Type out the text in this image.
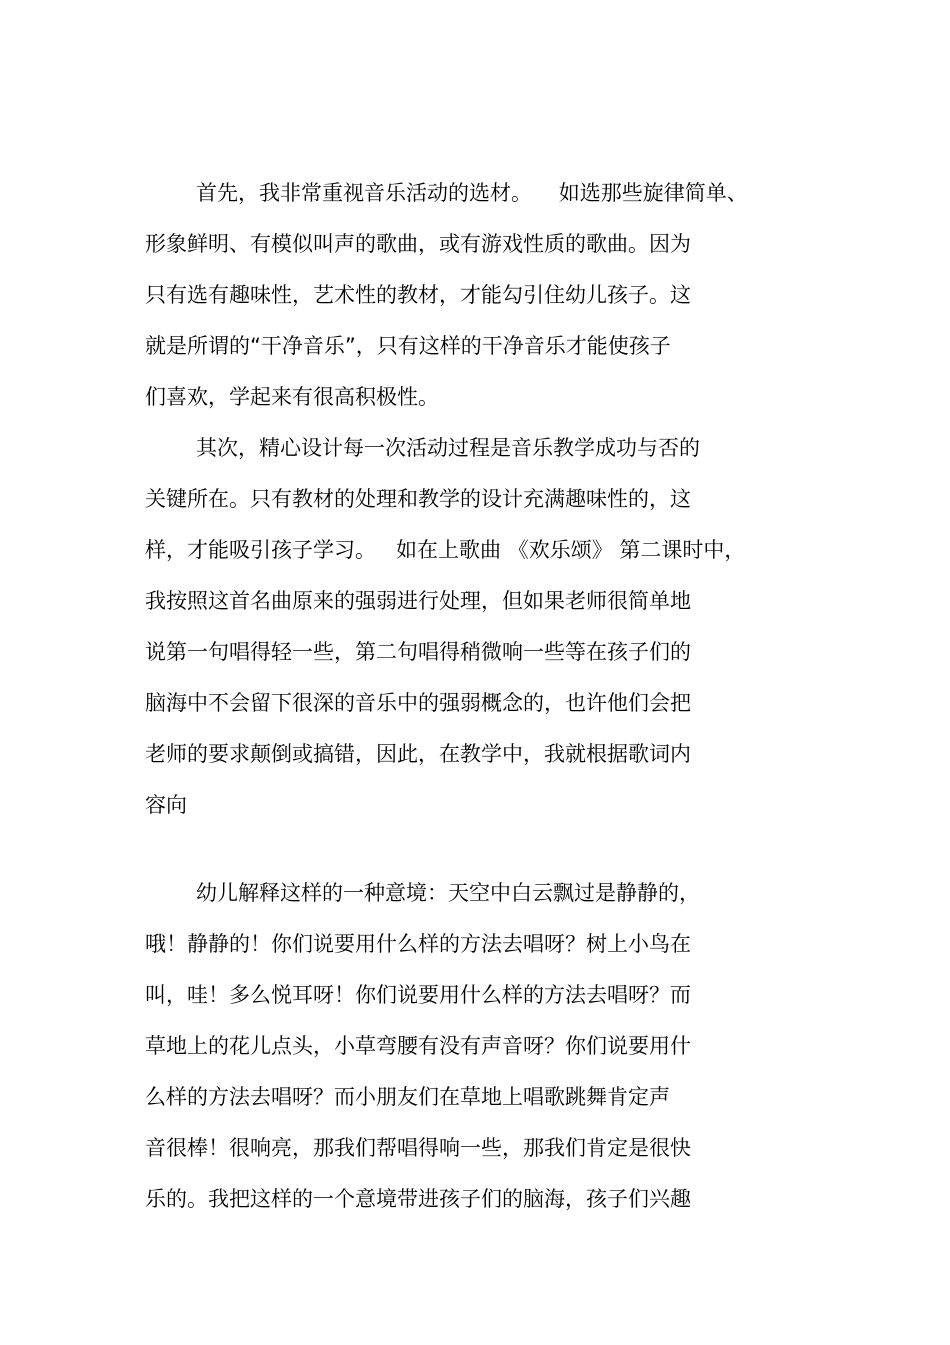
首先，我非常重视音乐活动的选材。    如选那些旋律简单、
形象鲜明、有模似叫声的歌曲，或有游戏性质的歌曲。因为
只有选有趣味性，艺术性的教材，才能勾引住幼儿孩子。这
就是所谓的“干净音乐”，只有这样的干净音乐才能使孩子
们喜欢，学起来有很高积极性。
其次，精心设计每一次活动过程是音乐教学成功与否的
关键所在。只有教材的处理和教学的设计充满趣味性的，这
样，才能吸引孩子学习。   如在上歌曲 《欢乐颂》 第二课时中，
我按照这首名曲原来的强弱进行处理，但如果老师很简单地
说第一句唱得轻一些，第二句唱得稍微响一些等在孩子们的
脑海中不会留下很深的音乐中的强弱概念的，也许他们会把
老师的要求颠倒或搞错，因此，在教学中，我就根据歌词内
容向
幼儿解释这样的一种意境：天空中白云飘过是静静的，
哦！静静的！你们说要用什么样的方法去唱呀？树上小鸟在
叫，哇！多么悦耳呀！你们说要用什么样的方法去唱呀？而
草地上的花儿点头，小草弯腰有没有声音呀？你们说要用什
么样的方法去唱呀？而小朋友们在草地上唱歌跳舞肯定声
音很棒！很响亮，那我们帮唱得响一些，那我们肯定是很快
乐的。我把这样的一个意境带进孩子们的脑海，孩子们兴趣
